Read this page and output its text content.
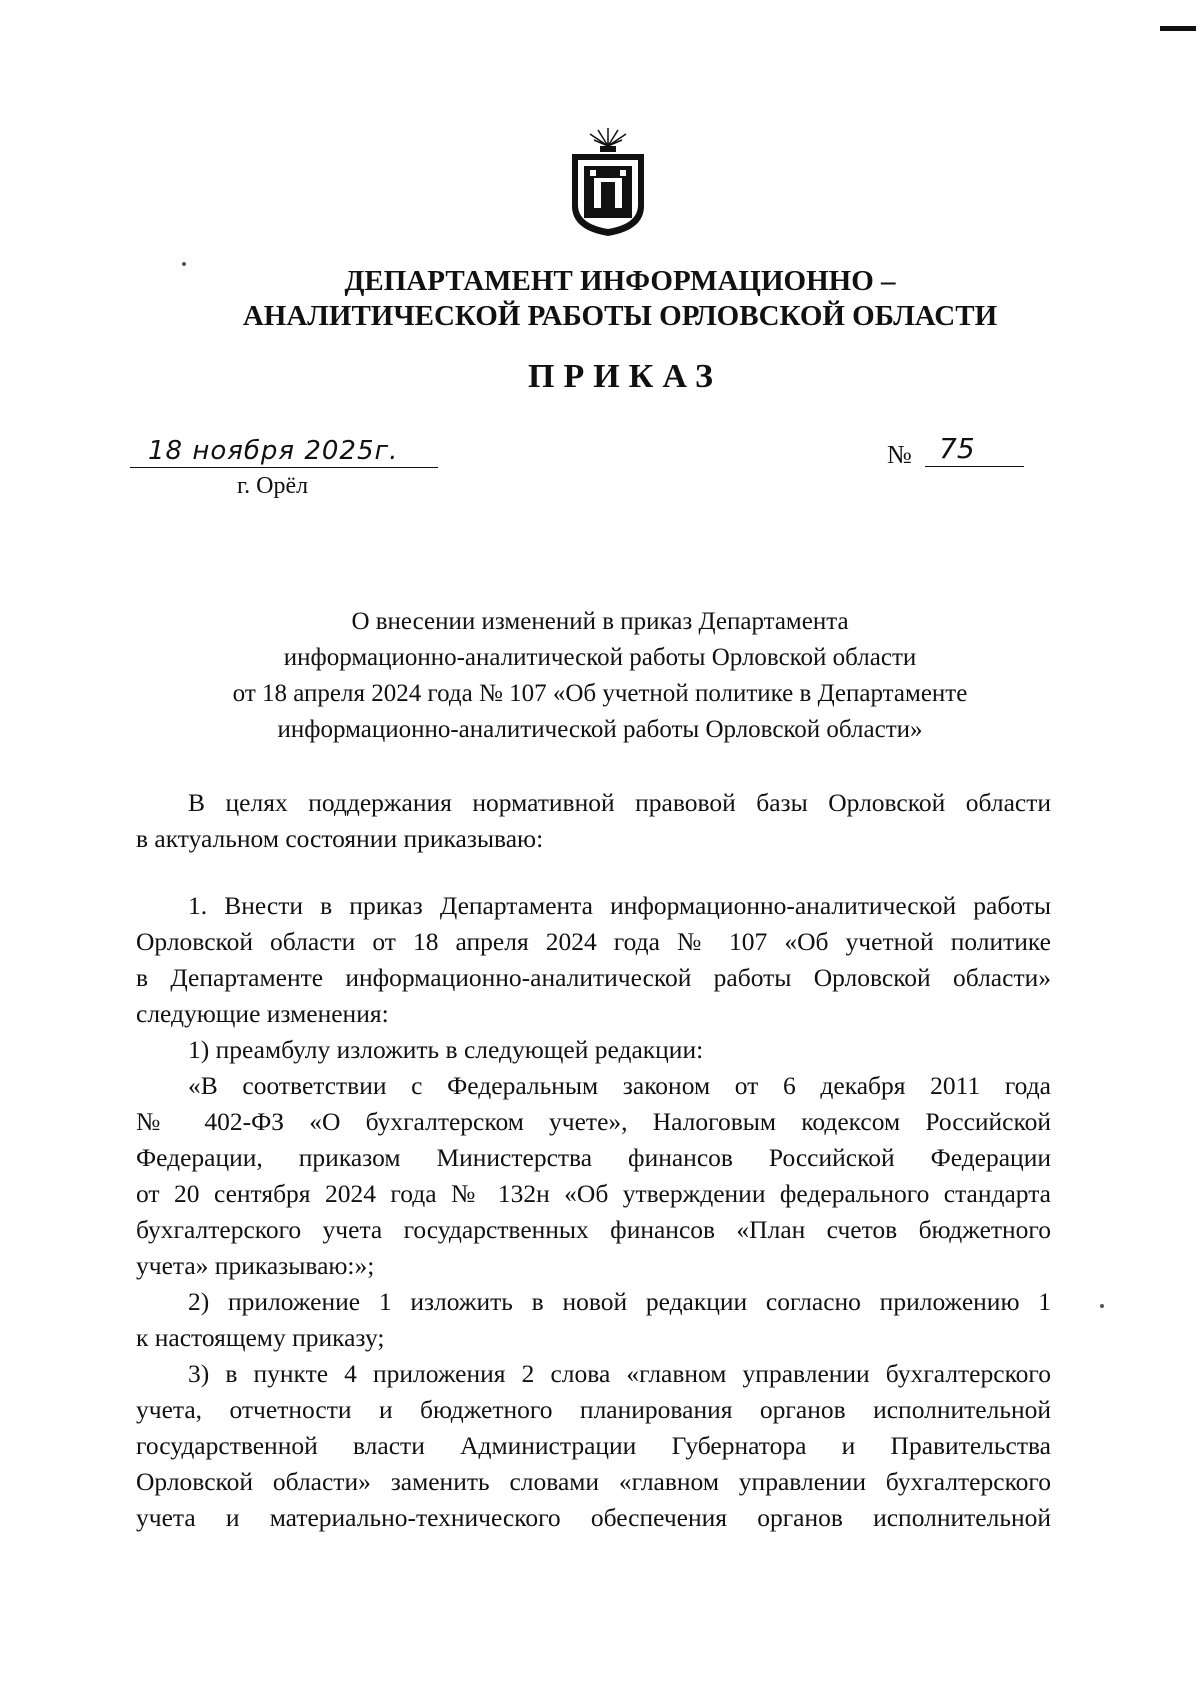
ДЕПАРТАМЕНТ ИНФОРМАЦИОННО –
АНАЛИТИЧЕСКОЙ РАБОТЫ ОРЛОВСКОЙ ОБЛАСТИ
ПРИКАЗ
18 ноября 2025г.
г. Орёл
№ 75
О внесении изменений в приказ Департамента
информационно-аналитической работы Орловской области
от 18 апреля 2024 года № 107 «Об учетной политике в Департаменте
информационно-аналитической работы Орловской области»
В целях поддержания нормативной правовой базы Орловской области
в актуальном состоянии приказываю:
1. Внести в приказ Департамента информационно-аналитической работы
Орловской области от 18 апреля 2024 года № 107 «Об учетной политике
в Департаменте информационно-аналитической работы Орловской области»
следующие изменения:
1) преамбулу изложить в следующей редакции:
«В соответствии с Федеральным законом от 6 декабря 2011 года
№ 402-ФЗ «О бухгалтерском учете», Налоговым кодексом Российской
Федерации, приказом Министерства финансов Российской Федерации
от 20 сентября 2024 года № 132н «Об утверждении федерального стандарта
бухгалтерского учета государственных финансов «План счетов бюджетного
учета» приказываю:»;
2) приложение 1 изложить в новой редакции согласно приложению 1
к настоящему приказу;
3) в пункте 4 приложения 2 слова «главном управлении бухгалтерского
учета, отчетности и бюджетного планирования органов исполнительной
государственной власти Администрации Губернатора и Правительства
Орловской области» заменить словами «главном управлении бухгалтерского
учета и материально-технического обеспечения органов исполнительной
